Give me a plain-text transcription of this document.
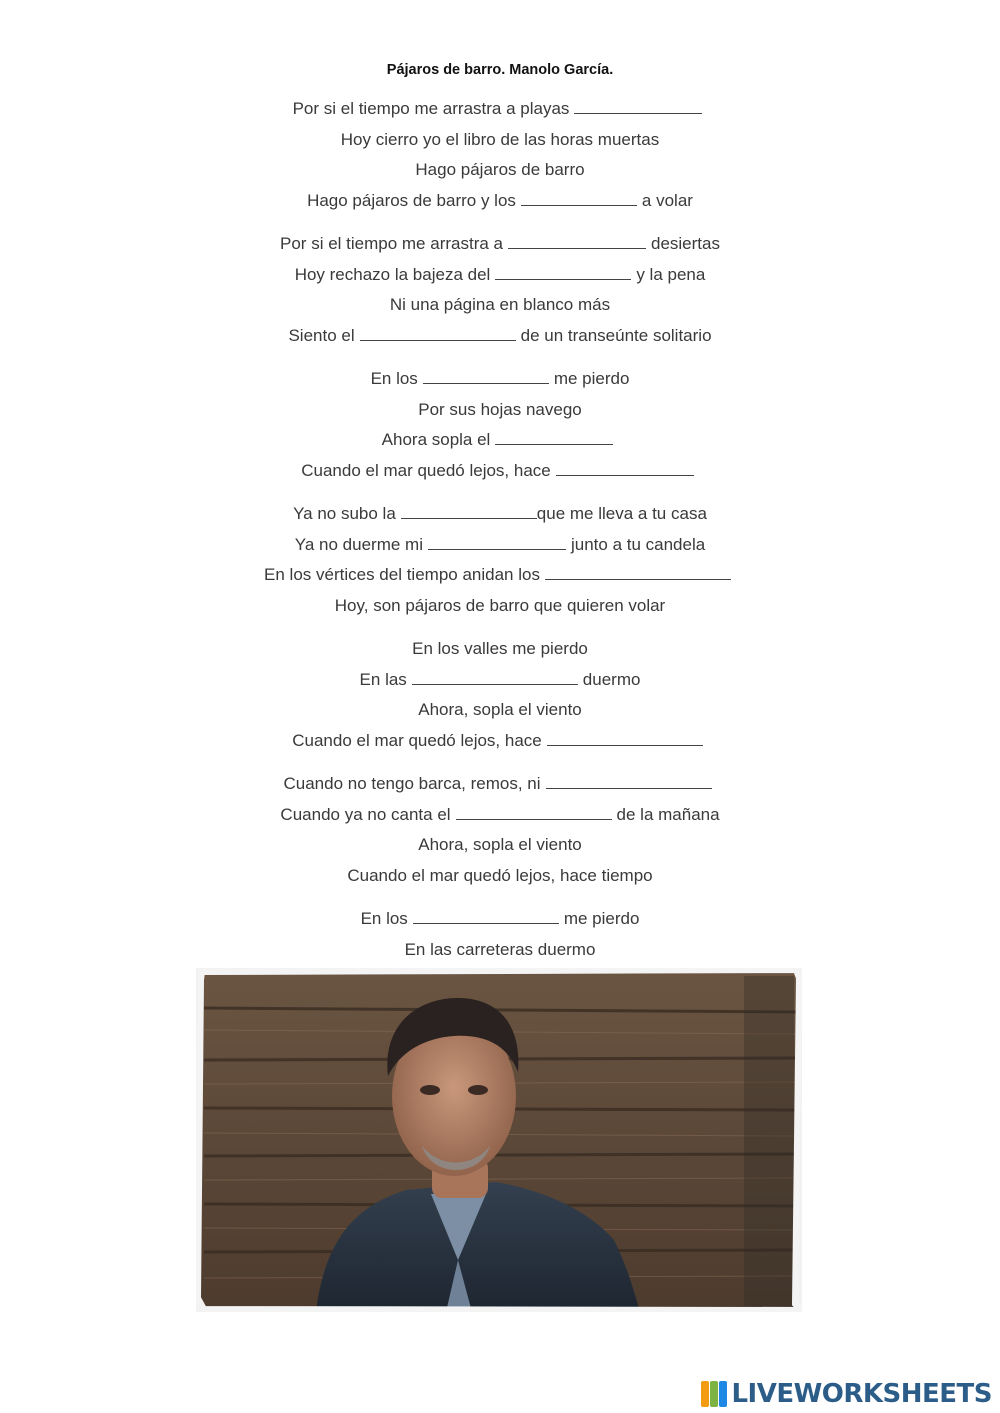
Pájaros de barro. Manolo García.
Por si el tiempo me arrastra a playas
Hoy cierro yo el libro de las horas muertas
Hago pájaros de barro
Hago pájaros de barro y los	a volar
Por si el tiempo me arrastra a	desiertas
Hoy rechazo la bajeza del	y la pena
Ni una página en blanco más
Siento el	de un transeúnte solitario
En los	me pierdo
Por sus hojas navego
Ahora sopla el
Cuando el mar quedó lejos, hace
Ya no subo la	que me lleva a tu casa
Ya no duerme mi	junto a tu candela
En los vértices del tiempo anidan los
Hoy, son pájaros de barro que quieren volar
En los valles me pierdo
En las	duermo
Ahora, sopla el viento
Cuando el mar quedó lejos, hace
Cuando no tengo barca, remos, ni
Cuando ya no canta el	de la mañana
Ahora, sopla el viento
Cuando el mar quedó lejos, hace tiempo
En los	me pierdo
En las carreteras duermo
LIVEWORKSHEETS
